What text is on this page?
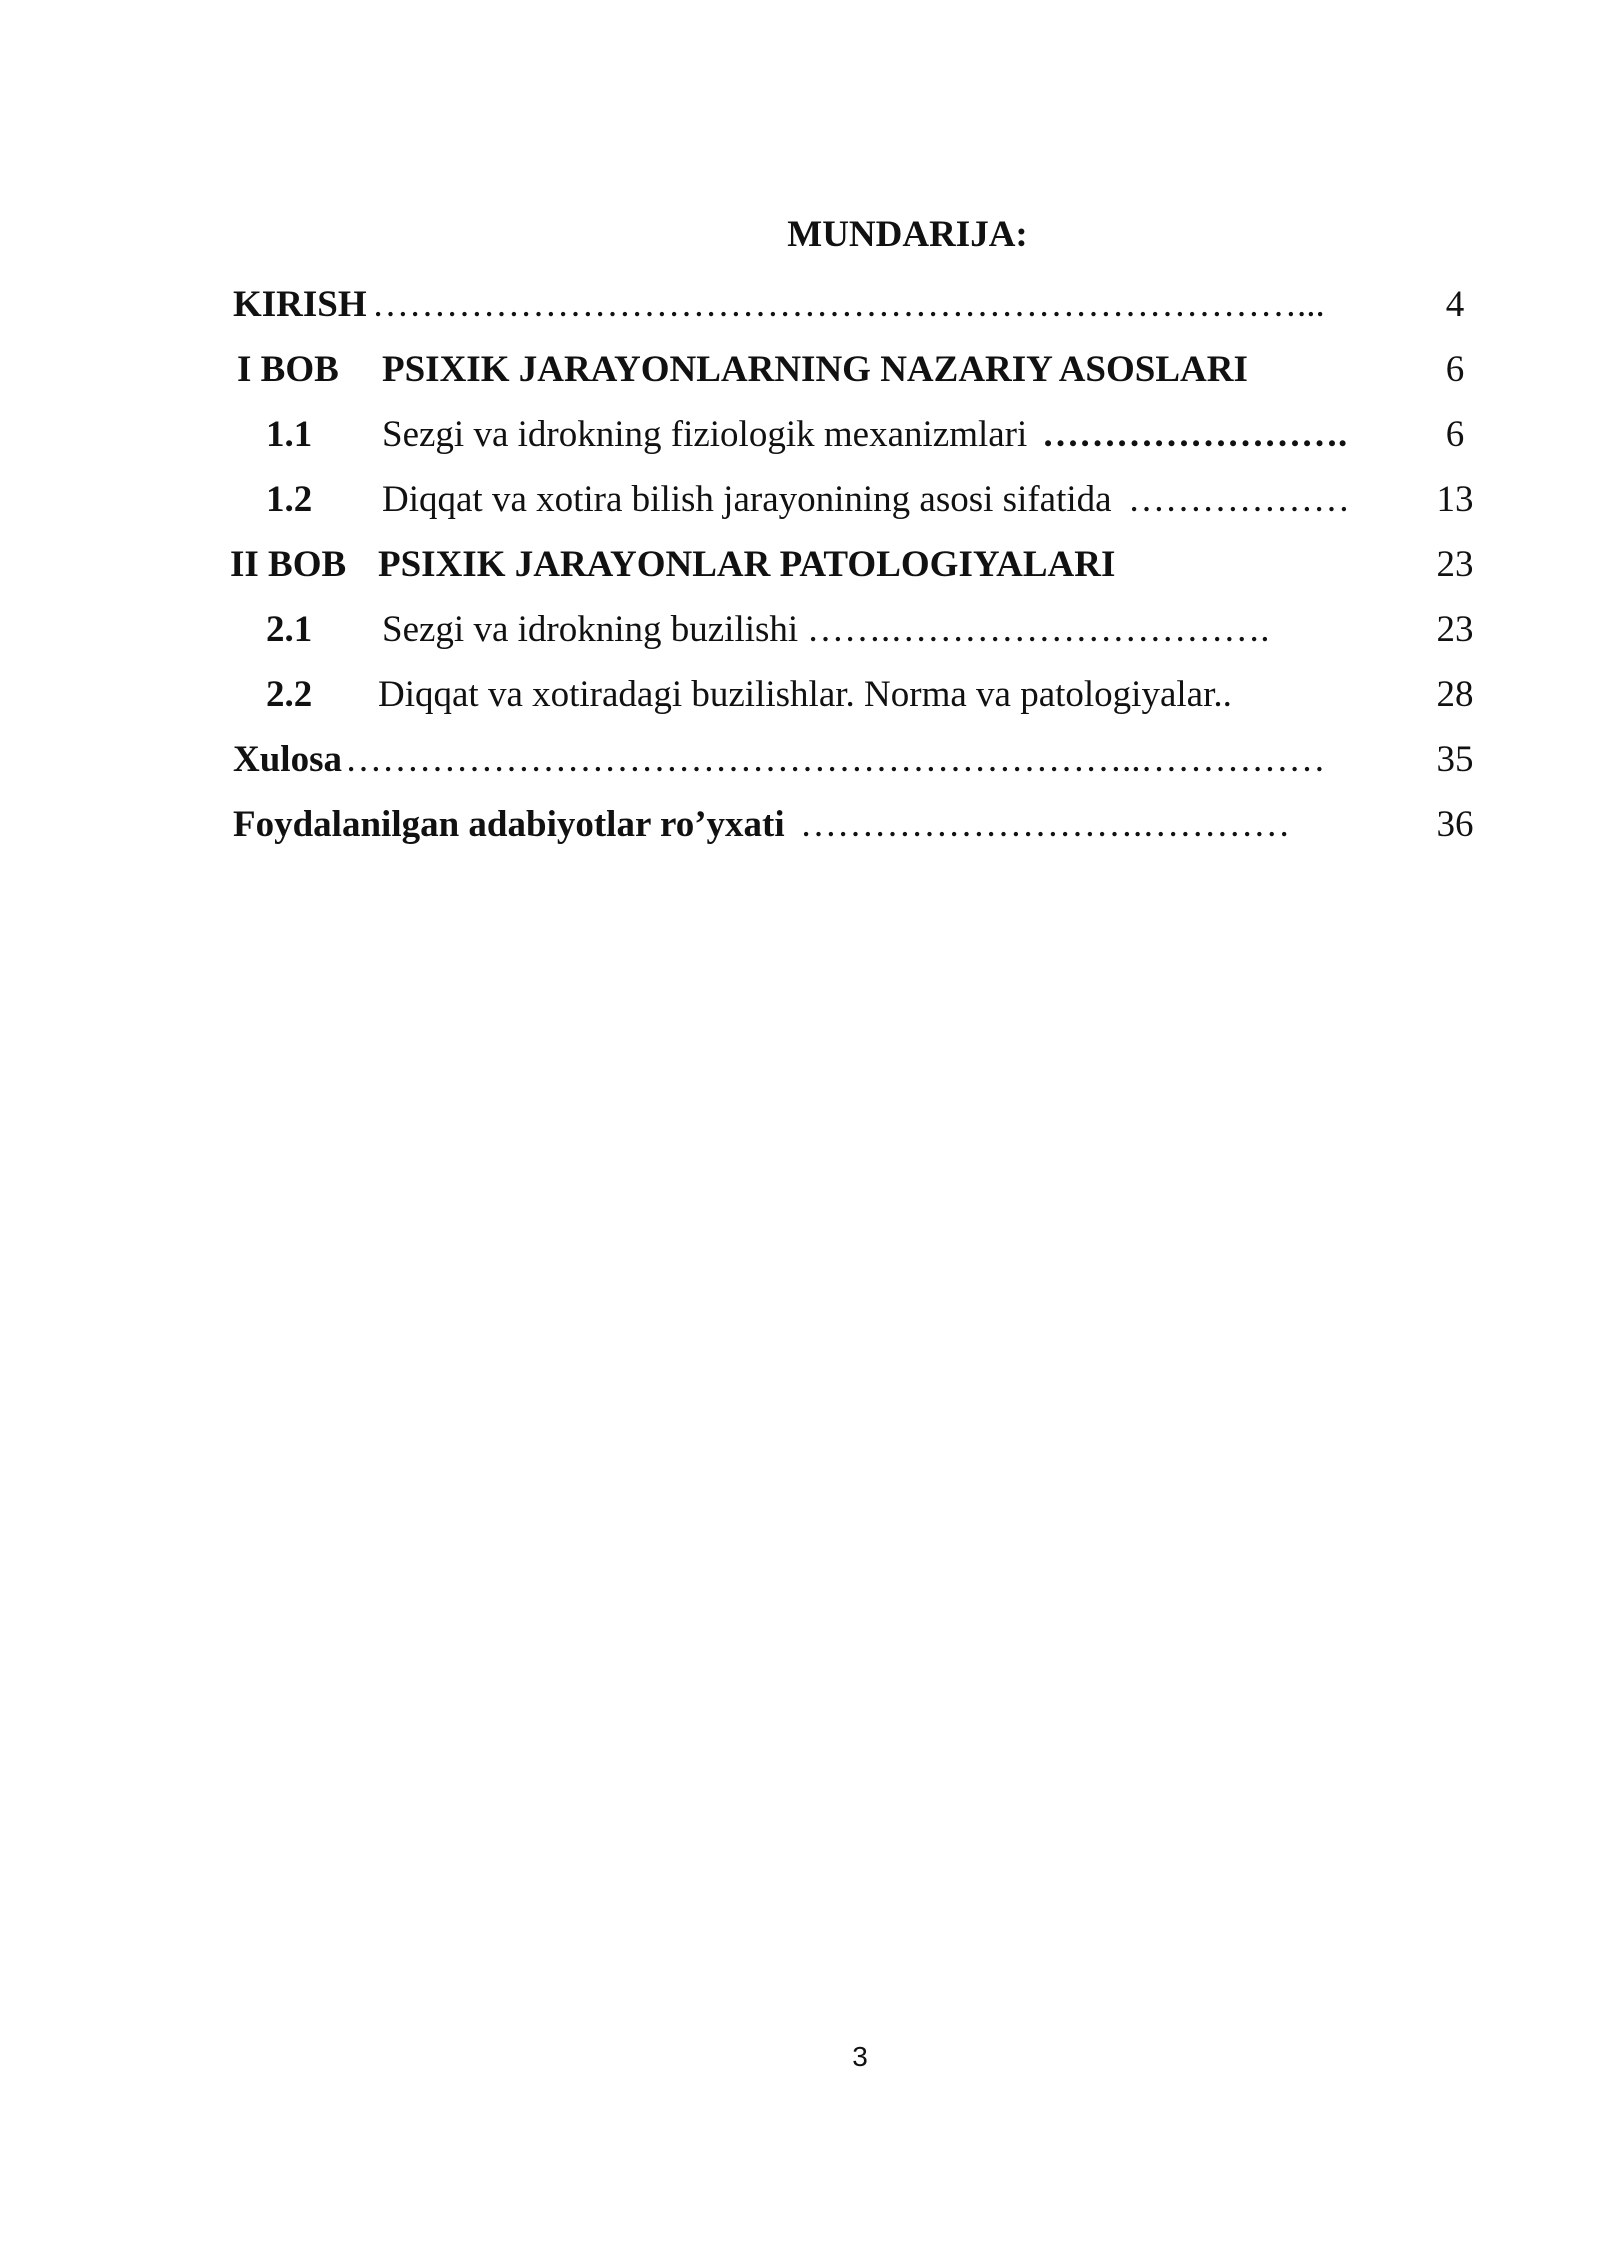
MUNDARIJA:
KIRISH …………………………………………………………………...	4
I BOB PSIXIK JARAYONLARNING NAZARIY ASOSLARI	6
1.1 Sezgi va idrokning fiziologik mexanizmlari …………………….	6
1.2 Diqqat va xotira bilish jarayonining asosi sifatida ………………	13
II BOB PSIXIK JARAYONLAR PATOLOGIYALARI	23
2.1 Sezgi va idrokning buzilishi …….………………………….	23
2.2 Diqqat va xotiradagi buzilishlar. Norma va patologiyalar..	28
Xulosa ………………………………………………………..……………	35
Foydalanilgan adabiyotlar ro’yxati ……………………….…………	36
3
